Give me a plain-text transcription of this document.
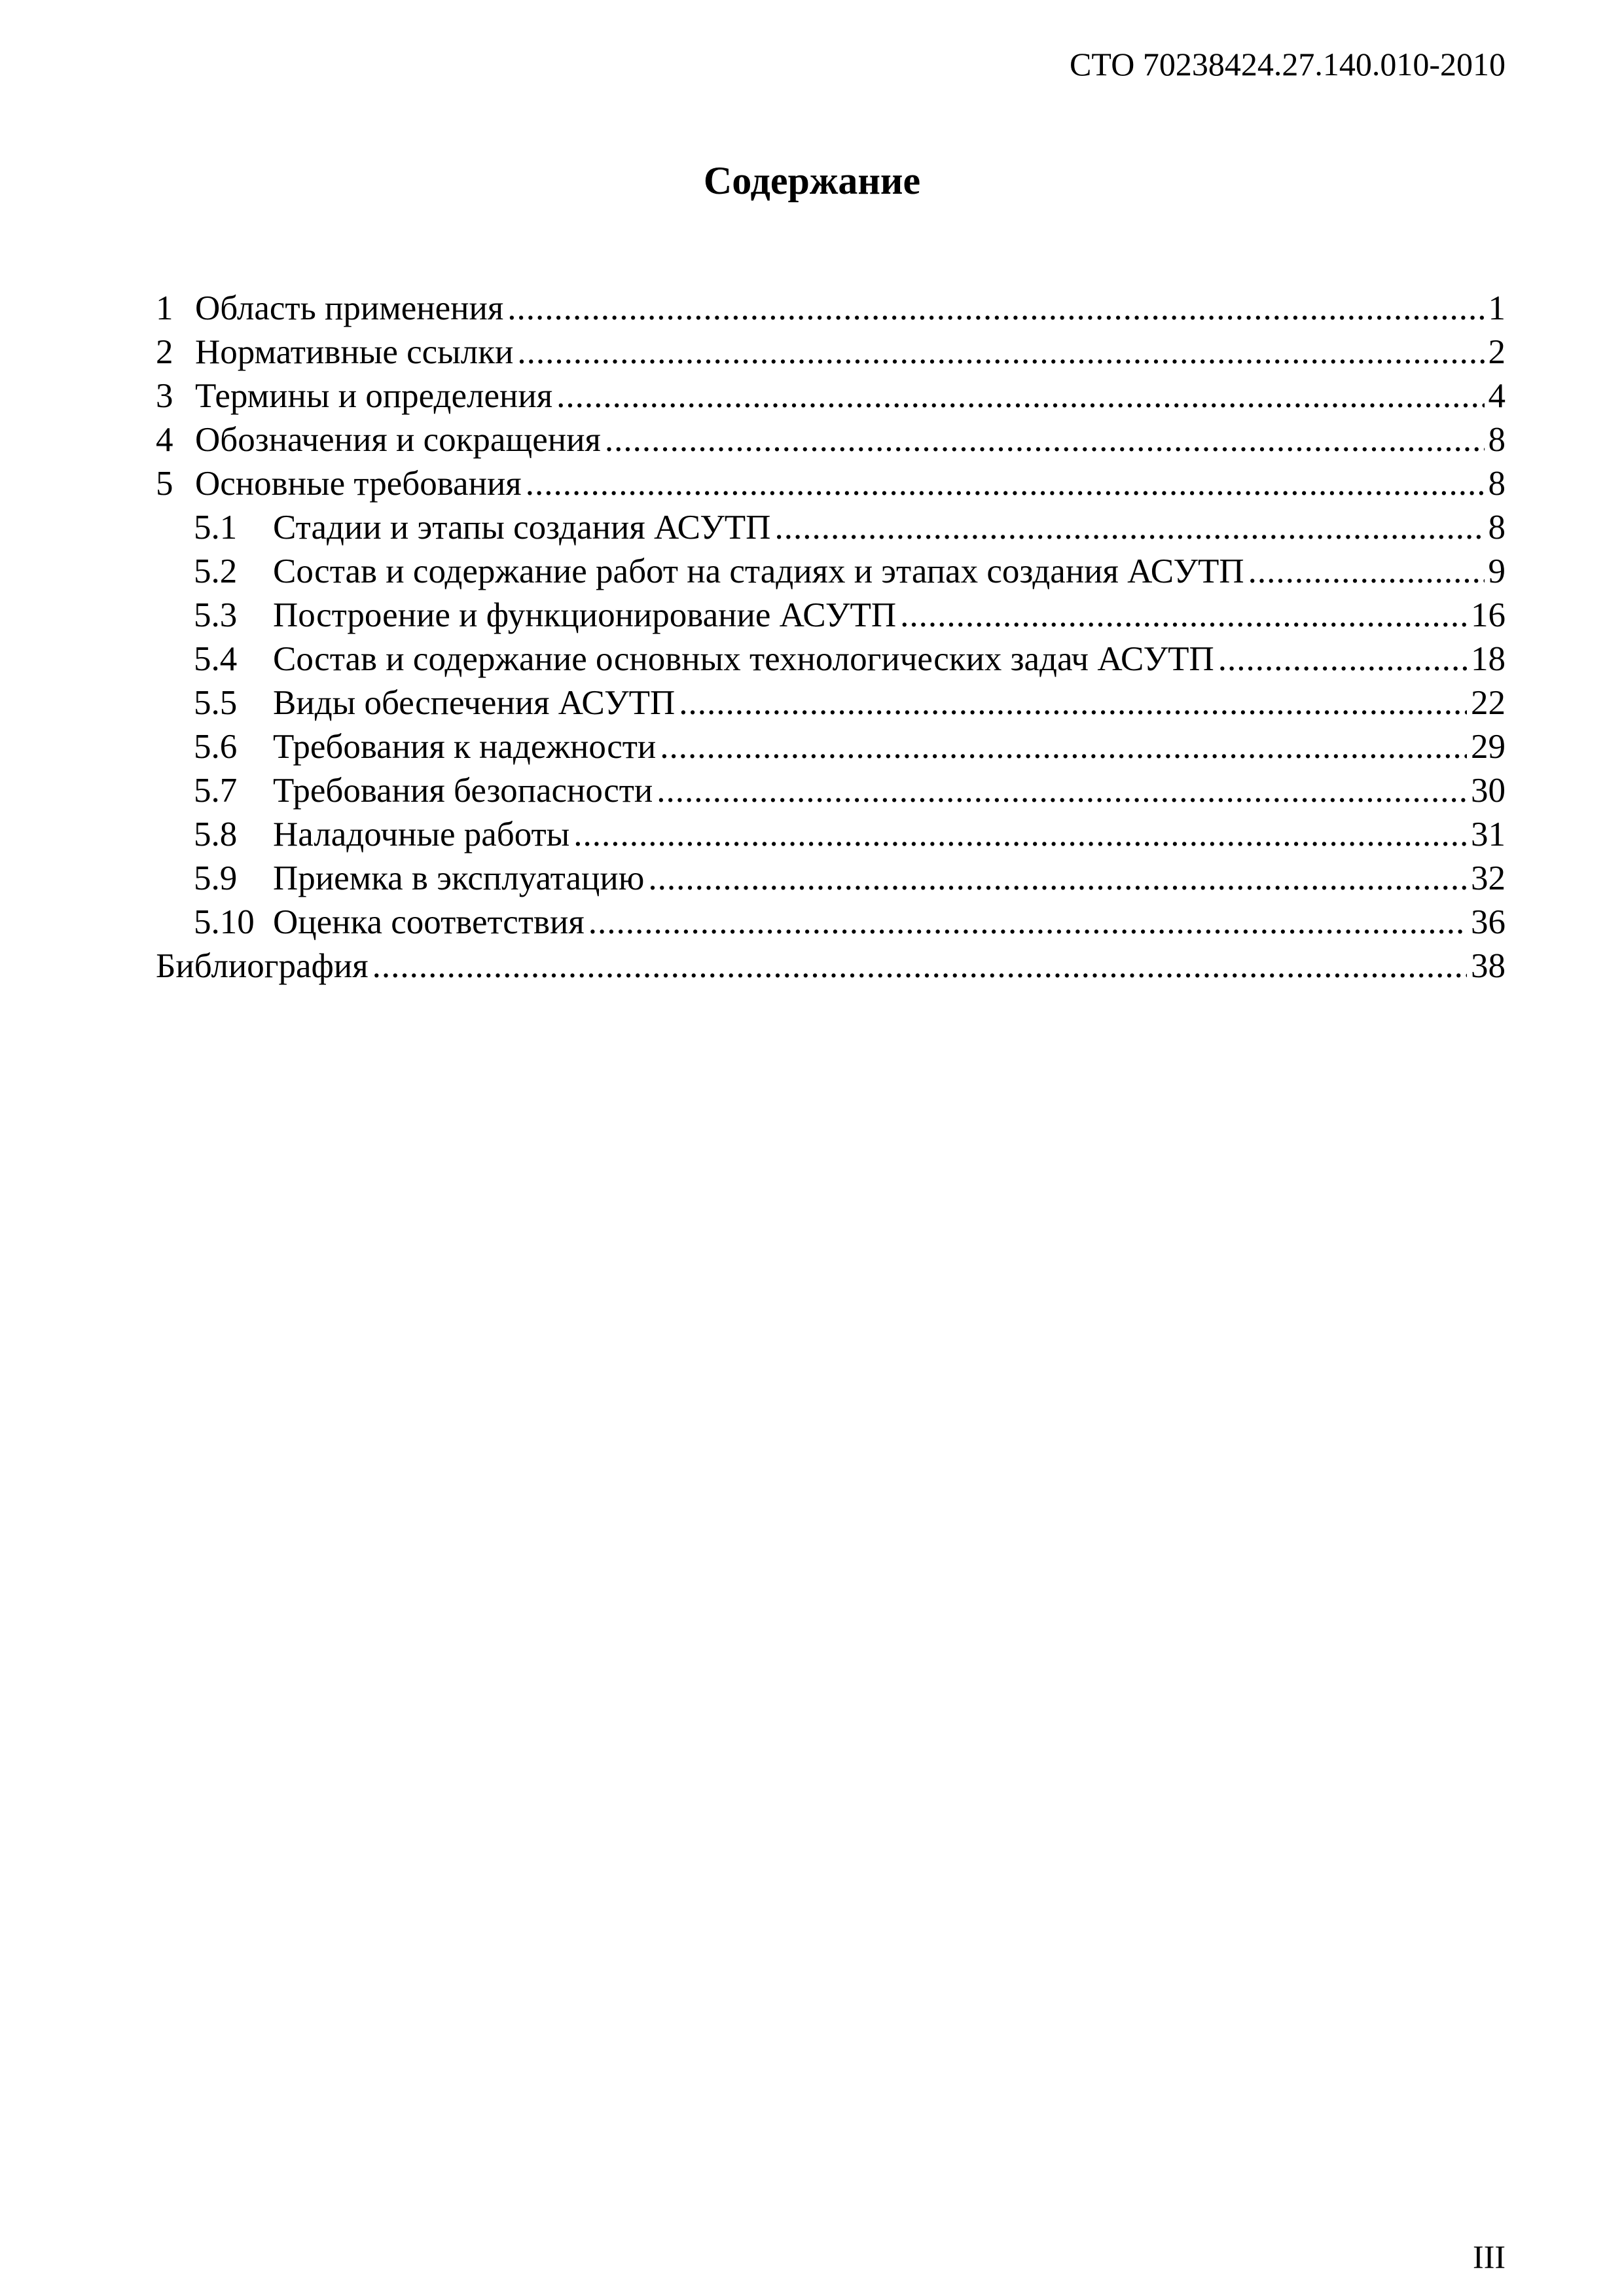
СТО 70238424.27.140.010-2010
Содержание
1 Область применения .....	1
2 Нормативные ссылки .....	2
3 Термины и определения .....	4
4 Обозначения и сокращения .....	8
5 Основные требования .....	8
5.1	Стадии и этапы создания АСУТП .....	8
5.2	Состав и содержание работ на стадиях и этапах создания АСУТП .....	9
5.3	Построение и функционирование АСУТП .....	16
5.4	Состав и содержание основных технологических задач АСУТП .....	18
5.5	Виды обеспечения АСУТП .....	22
5.6	Требования к надежности .....	29
5.7	Требования безопасности .....	30
5.8	Наладочные работы .....	31
5.9	Приемка в эксплуатацию .....	32
5.10 Оценка соответствия .....	36
Библиография .....	38
III
